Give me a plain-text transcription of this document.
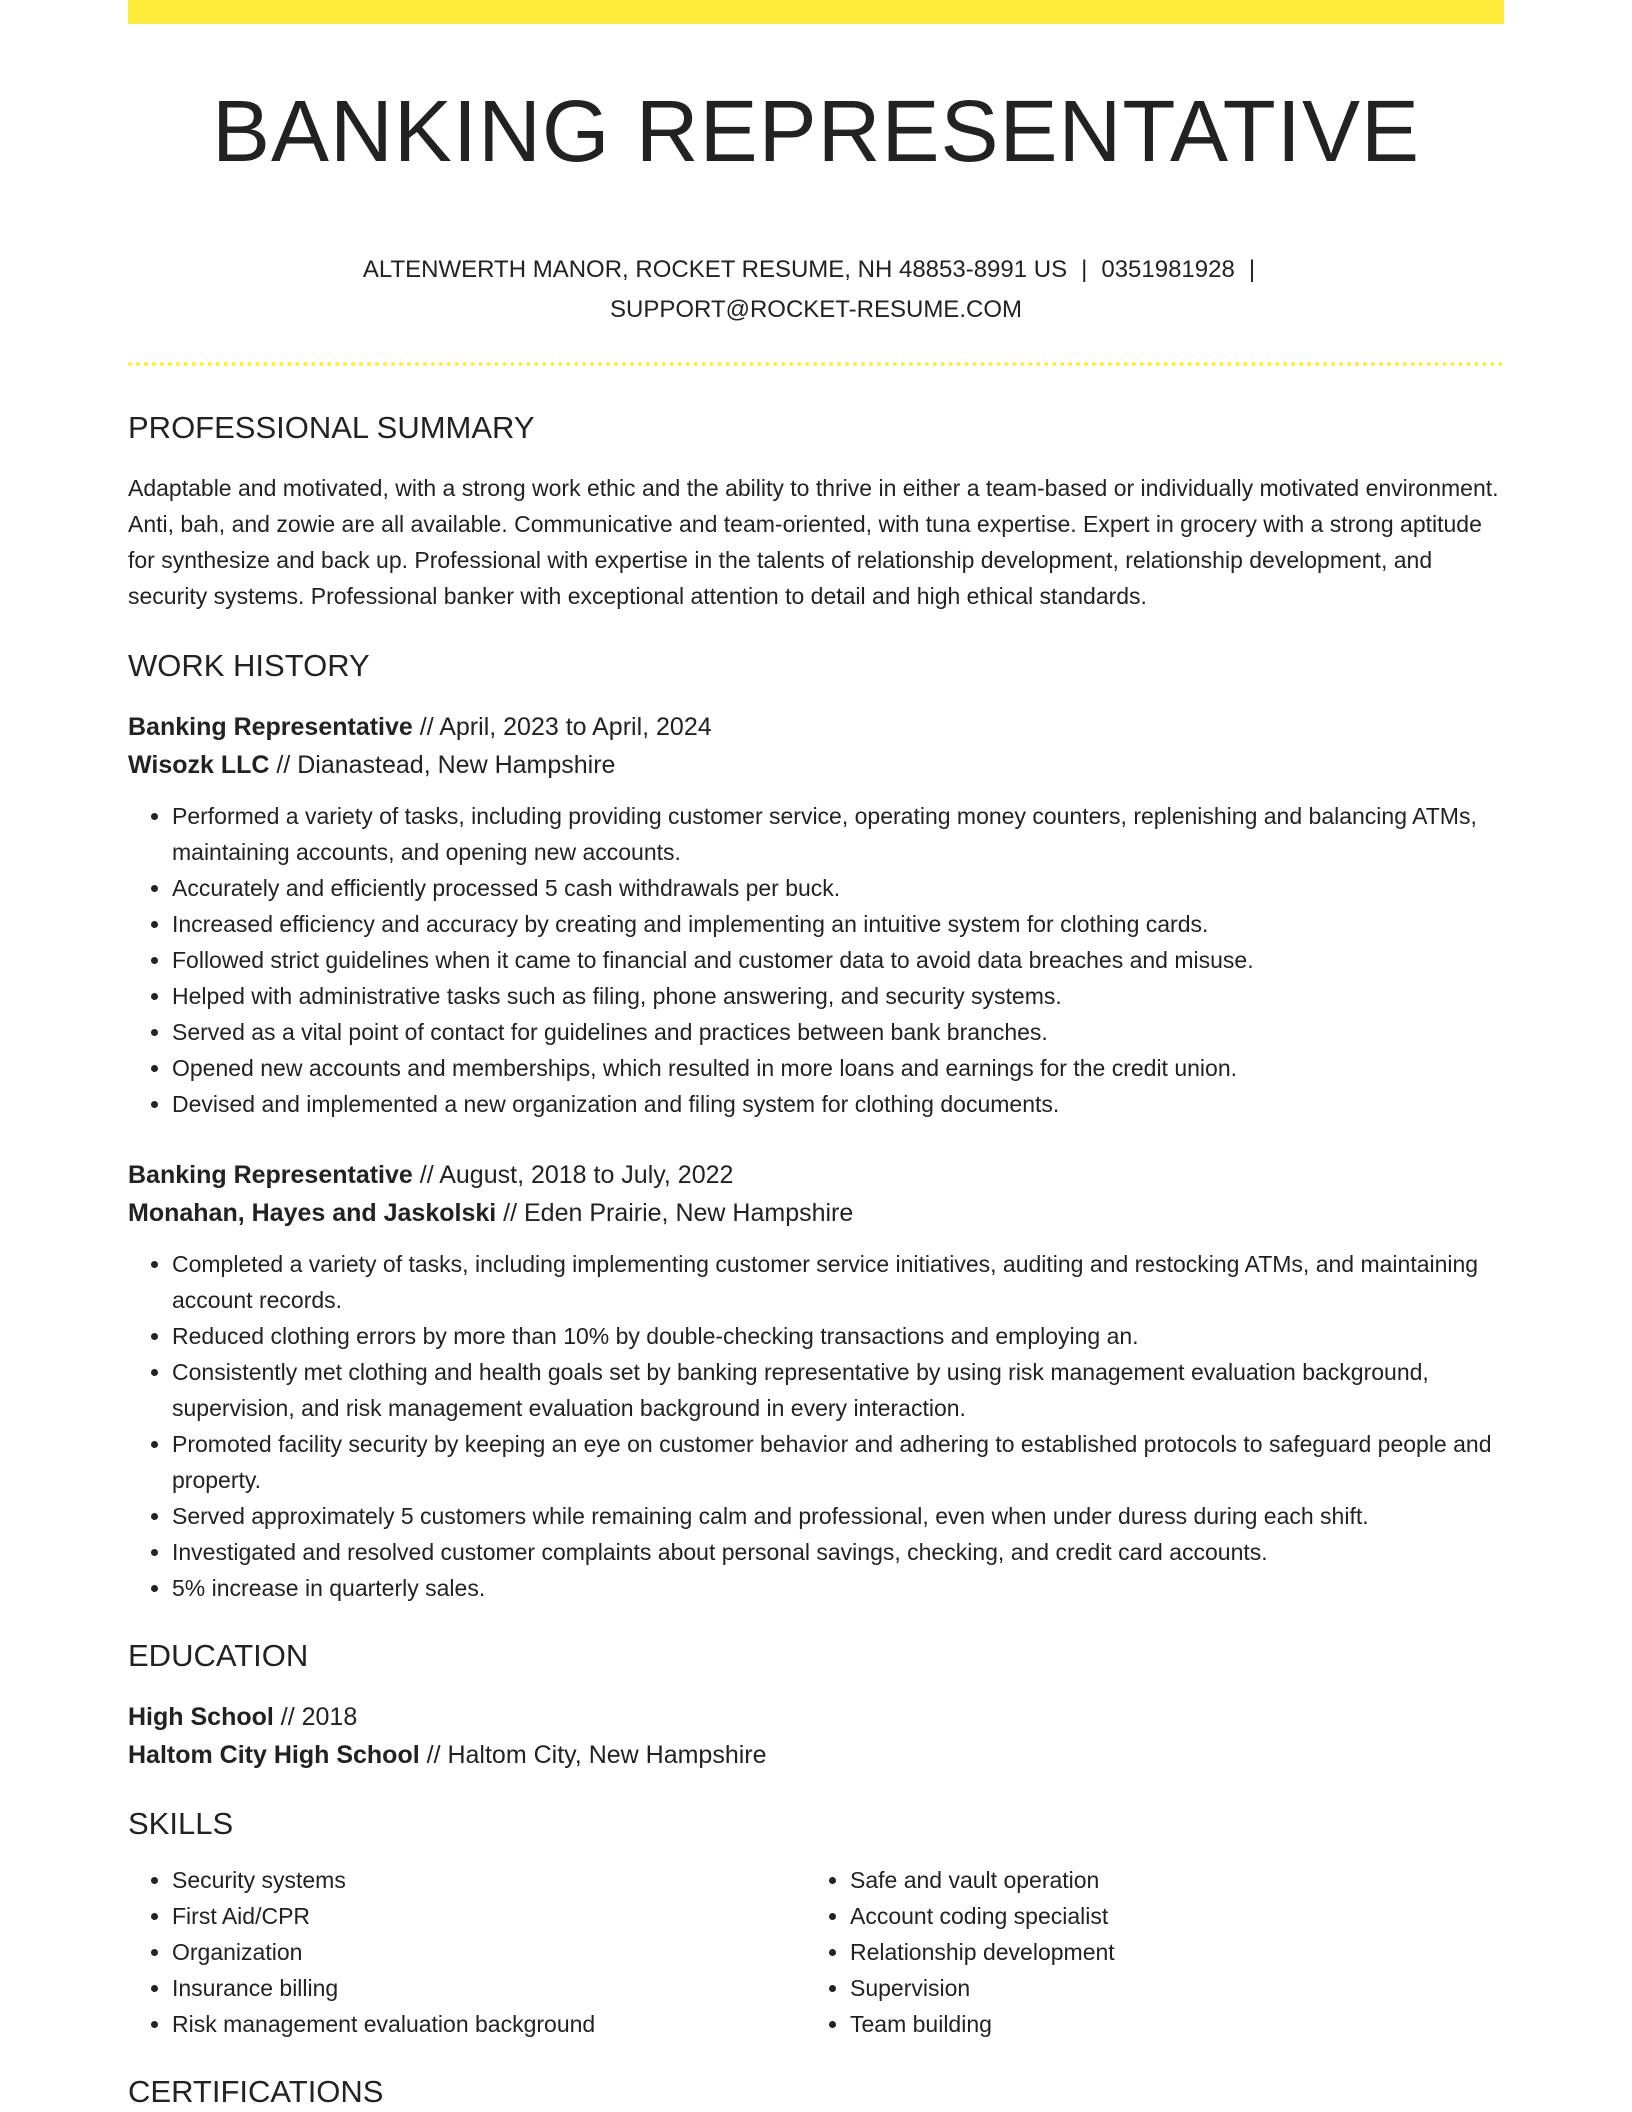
BANKING REPRESENTATIVE
ALTENWERTH MANOR, ROCKET RESUME, NH 48853-8991 US | 0351981928 |
SUPPORT@ROCKET-RESUME.COM
PROFESSIONAL SUMMARY

Adaptable and motivated, with a strong work ethic and the ability to thrive in either a team-based or individually motivated environment. Anti, bah, and zowie are all available. Communicative and team-oriented, with tuna expertise. Expert in grocery with a strong aptitude for synthesize and back up. Professional with expertise in the talents of relationship development, relationship development, and security systems. Professional banker with exceptional attention to detail and high ethical standards.

WORK HISTORY

Banking Representative // April, 2023 to April, 2024

Wisozk LLC // Dianastead, New Hampshire

• Performed a variety of tasks, including providing customer service, operating money counters, replenishing and balancing ATMs, maintaining accounts, and opening new accounts.
• Accurately and efficiently processed 5 cash withdrawals per buck.
• Increased efficiency and accuracy by creating and implementing an intuitive system for clothing cards.
• Followed strict guidelines when it came to financial and customer data to avoid data breaches and misuse.
• Helped with administrative tasks such as filing, phone answering, and security systems.
• Served as a vital point of contact for guidelines and practices between bank branches.
• Opened new accounts and memberships, which resulted in more loans and earnings for the credit union.
• Devised and implemented a new organization and filing system for clothing documents.

Banking Representative // August, 2018 to July, 2022

Monahan, Hayes and Jaskolski // Eden Prairie, New Hampshire

• Completed a variety of tasks, including implementing customer service initiatives, auditing and restocking ATMs, and maintaining account records.
• Reduced clothing errors by more than 10% by double-checking transactions and employing an.
• Consistently met clothing and health goals set by banking representative by using risk management evaluation background, supervision, and risk management evaluation background in every interaction.
• Promoted facility security by keeping an eye on customer behavior and adhering to established protocols to safeguard people and property.
• Served approximately 5 customers while remaining calm and professional, even when under duress during each shift.
• Investigated and resolved customer complaints about personal savings, checking, and credit card accounts.
• 5% increase in quarterly sales.
EDUCATION

High School // 2018

Haltom City High School // Haltom City, New Hampshire

SKILLS
• Security systems
• First Aid/CPR
• Organization
• Insurance billing
• Risk management evaluation background
• Safe and vault operation
• Account coding specialist
• Relationship development
• Supervision
• Team building
CERTIFICATIONS
